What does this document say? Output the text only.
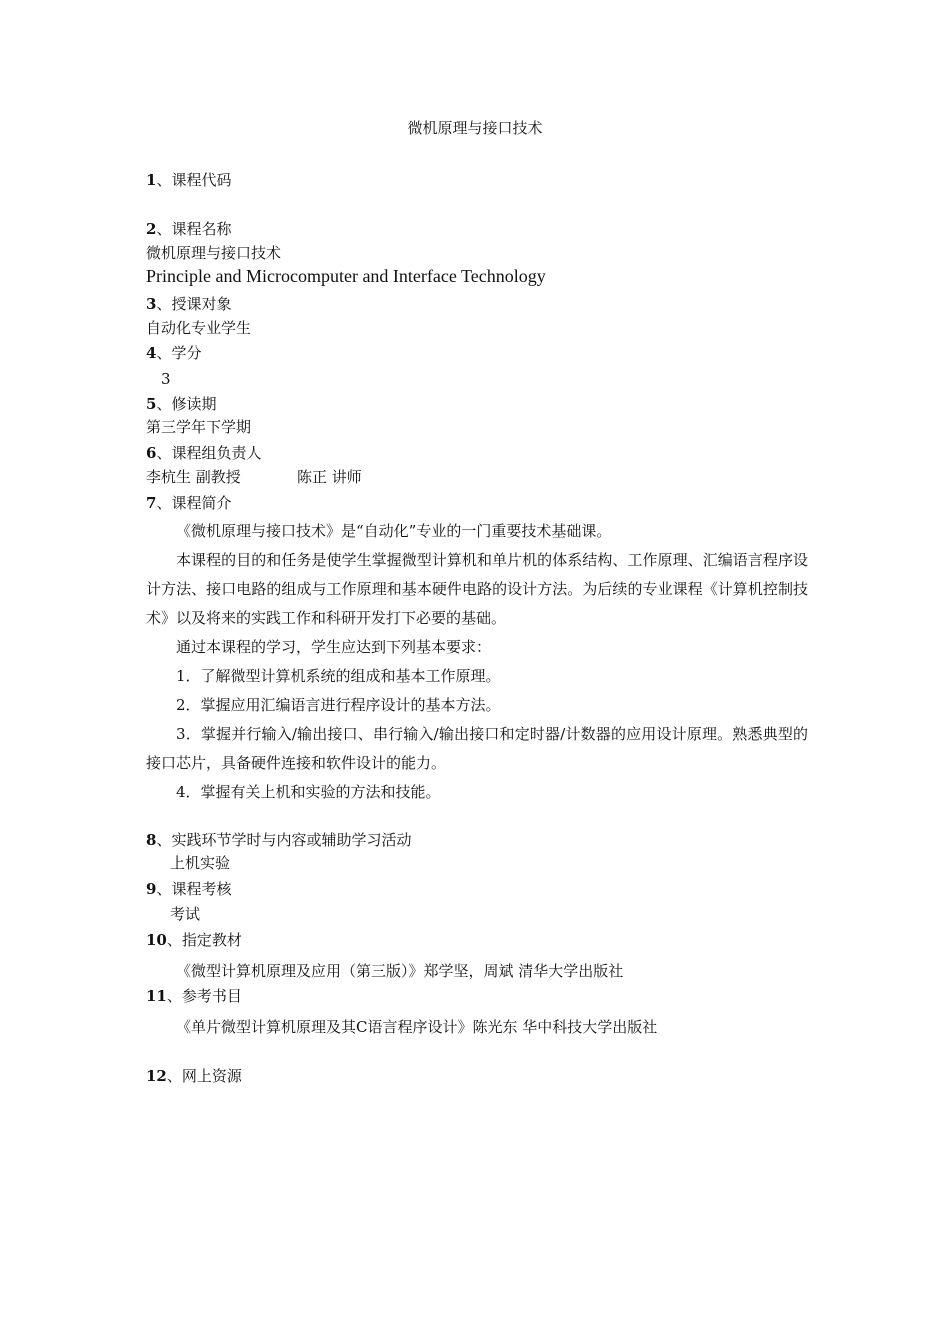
微机原理与接口技术
1、课程代码
2、课程名称
微机原理与接口技术
Principle and Microcomputer and Interface Technology
3、授课对象
自动化专业学生
4、学分
3
5、修读期
第三学年下学期
6、课程组负责人
李杭生 副教授	陈正 讲师
7、课程简介
《微机原理与接口技术》是“自动化”专业的一门重要技术基础课。
本课程的目的和任务是使学生掌握微型计算机和单片机的体系结构、工作原理、汇编语言程序设计方法、接口电路的组成与工作原理和基本硬件电路的设计方法。为后续的专业课程《计算机控制技术》以及将来的实践工作和科研开发打下必要的基础。
通过本课程的学习，学生应达到下列基本要求：
1．了解微型计算机系统的组成和基本工作原理。
2．掌握应用汇编语言进行程序设计的基本方法。
3．掌握并行输入/输出接口、串行输入/输出接口和定时器/计数器的应用设计原理。熟悉典型的接口芯片，具备硬件连接和软件设计的能力。
4．掌握有关上机和实验的方法和技能。
8、实践环节学时与内容或辅助学习活动
上机实验
9、课程考核
考试
10、指定教材
《微型计算机原理及应用（第三版）》郑学坚，周斌 清华大学出版社
11、参考书目
《单片微型计算机原理及其C语言程序设计》陈光东 华中科技大学出版社
12、网上资源
